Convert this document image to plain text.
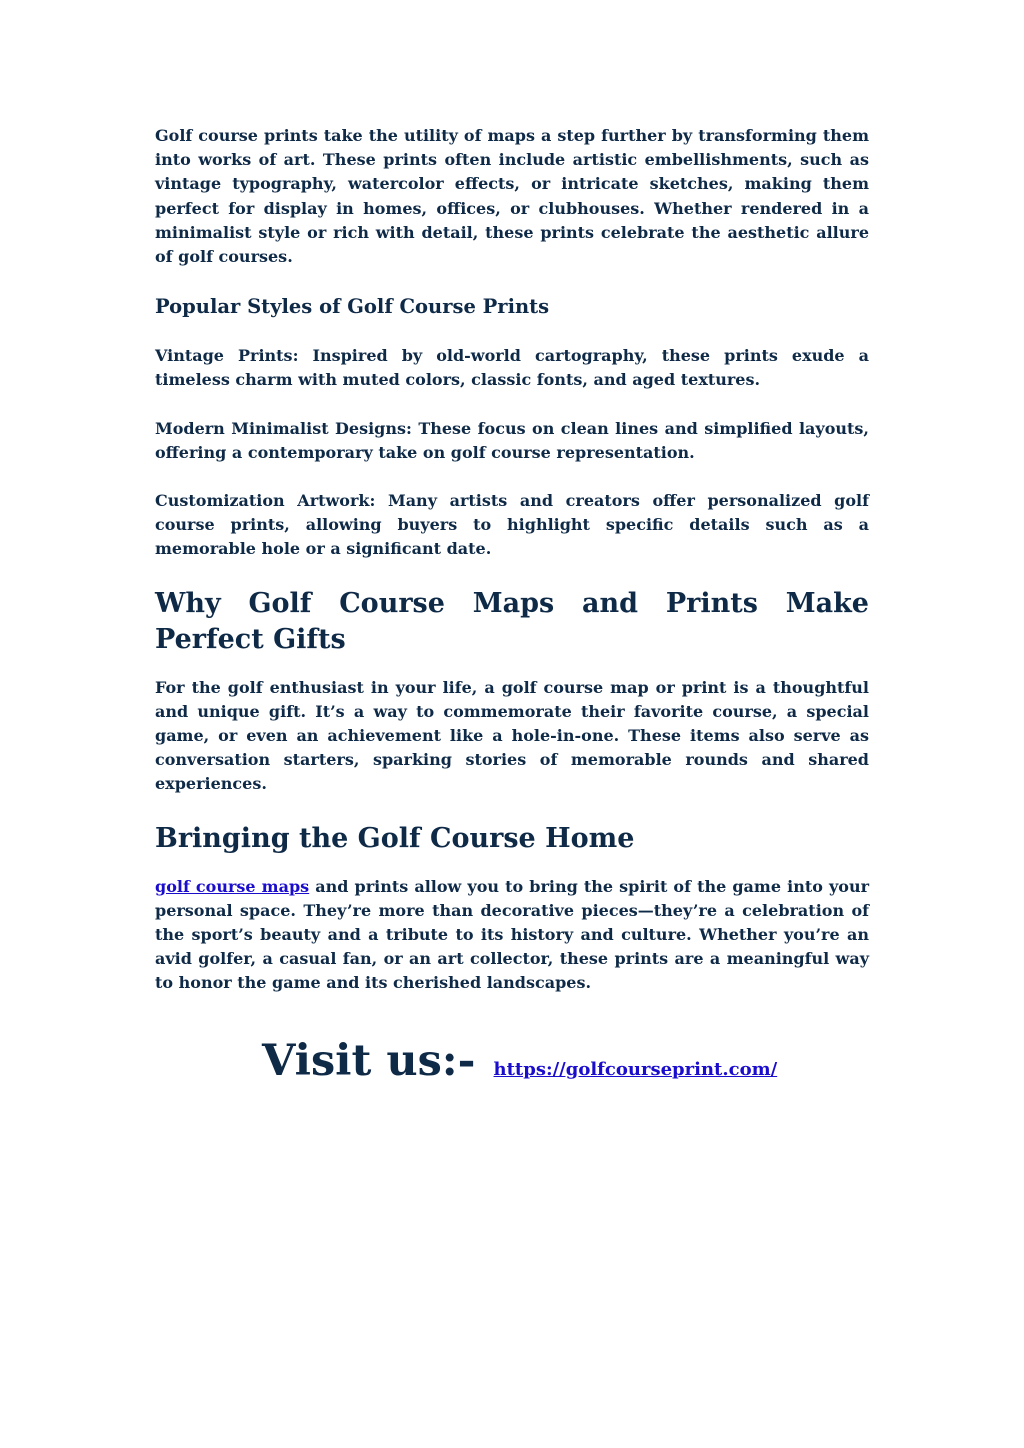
Golf course prints take the utility of maps a step further by transforming them into works of art. These prints often include artistic embellishments, such as vintage typography, watercolor effects, or intricate sketches, making them perfect for display in homes, offices, or clubhouses. Whether rendered in a minimalist style or rich with detail, these prints celebrate the aesthetic allure of golf courses.

Popular Styles of Golf Course Prints

Vintage Prints: Inspired by old-world cartography, these prints exude a timeless charm with muted colors, classic fonts, and aged textures.

Modern Minimalist Designs: These focus on clean lines and simplified layouts, offering a contemporary take on golf course representation.

Customization Artwork: Many artists and creators offer personalized golf course prints, allowing buyers to highlight specific details such as a memorable hole or a significant date.

Why Golf Course Maps and Prints Make Perfect Gifts

For the golf enthusiast in your life, a golf course map or print is a thoughtful and unique gift. It’s a way to commemorate their favorite course, a special game, or even an achievement like a hole-in-one. These items also serve as conversation starters, sparking stories of memorable rounds and shared experiences.

Bringing the Golf Course Home

golf course maps and prints allow you to bring the spirit of the game into your personal space. They’re more than decorative pieces—they’re a celebration of the sport’s beauty and a tribute to its history and culture. Whether you’re an avid golfer, a casual fan, or an art collector, these prints are a meaningful way to honor the game and its cherished landscapes.

Visit us:- https://golfcourseprint.com/
